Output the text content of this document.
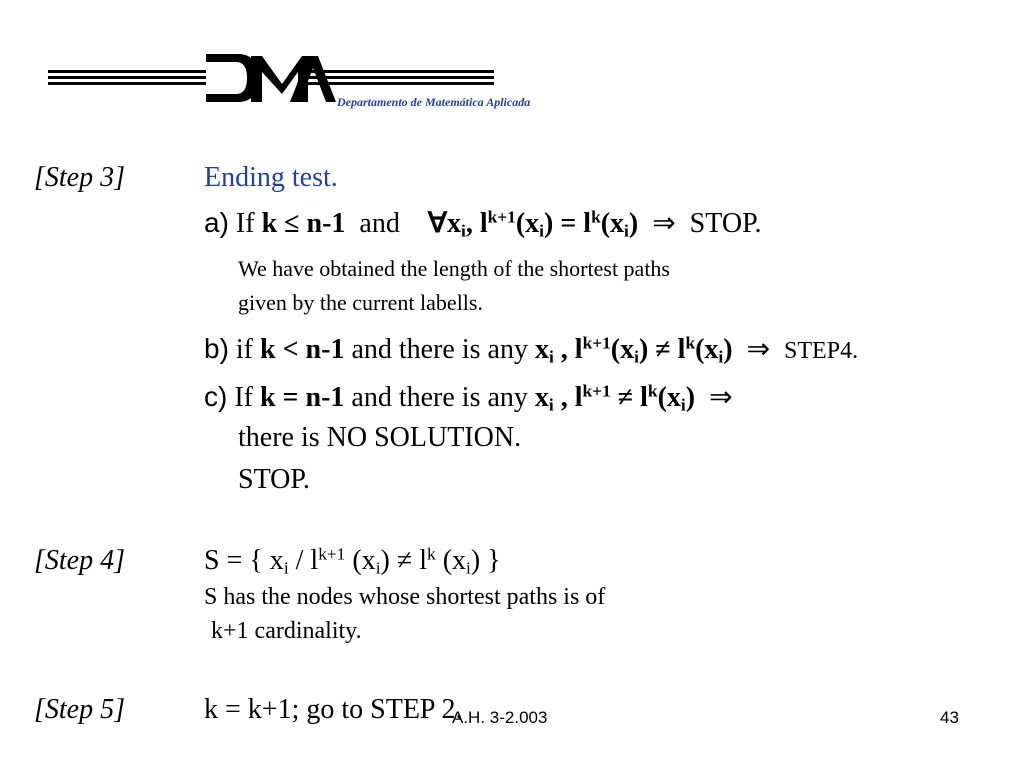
Departamento de Matemática Aplicada
[Step 3]	Ending test.
a) If k ≤ n-1 and $\forall x_i$, $l^{k+1}(x_i) = l^k(x_i)$ ⇒ STOP.
We have obtained the length of the shortest paths
given by the current labells.
b) if k < n-1 and there is any $x_i$ , $l^{k+1}(x_i) \ne l^k(x_i)$ ⇒ STEP4.
c) If k = n-1 and there is any $x_i$ , $l^{k+1} \ne l^k(x_i)$ ⇒
there is NO SOLUTION.
STOP.
[Step 4]	S = { $x_i / l^{k+1}$ $(x_i) \ne l^k$ $(x_i)$ }
S has the nodes whose shortest paths is of
k+1 cardinality.
[Step 5]	k = k+1; go to STEP 2.
A.H. 3-2.003	43
